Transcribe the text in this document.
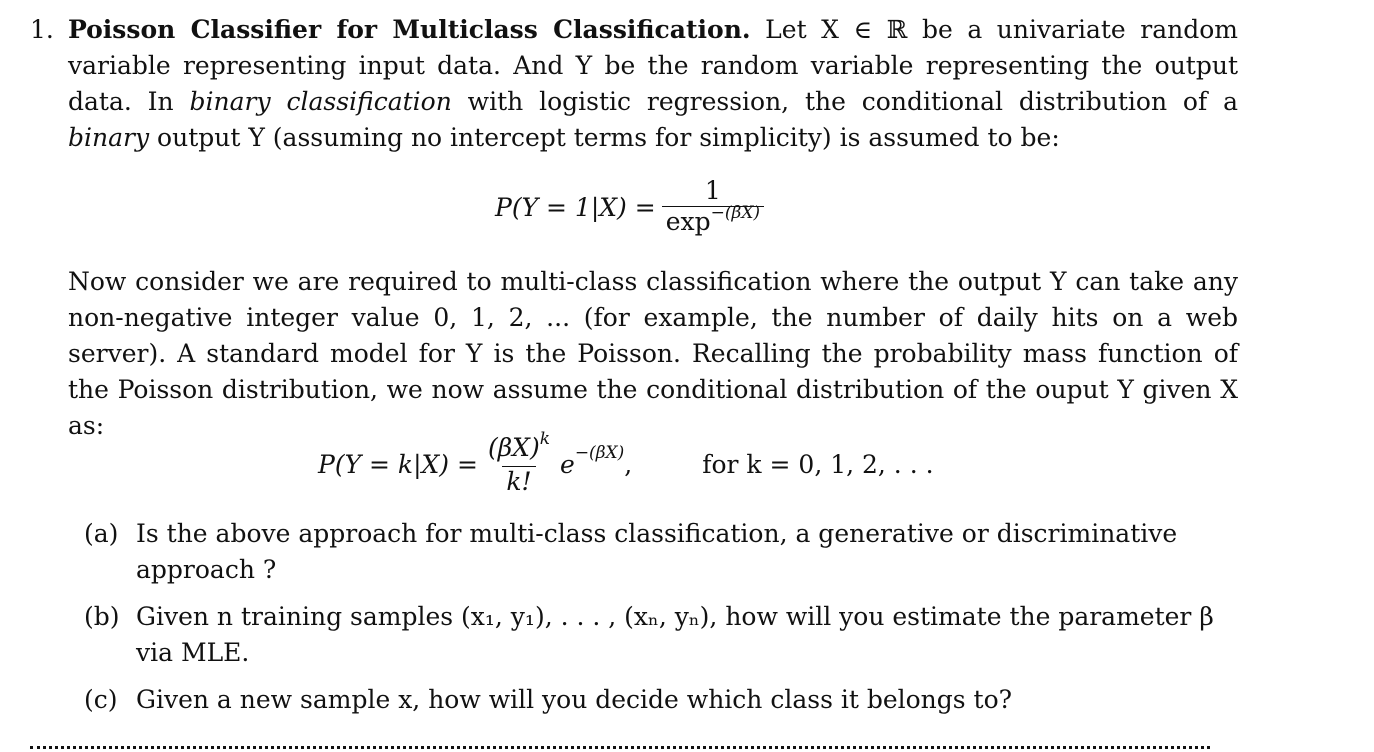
1. Poisson Classifier for Multiclass Classification. Let X ∈ ℝ be a univariate random variable representing input data. And Y be the random variable representing the output data. In binary classification with logistic regression, the conditional distribution of a binary output Y (assuming no intercept terms for simplicity) is assumed to be:
$P(Y = 1|X) = \frac{1}{\exp^{-(\beta X)}}$
Now consider we are required to multi-class classification where the output Y can take any non-negative integer value 0, 1, 2, ... (for example, the number of daily hits on a web server). A standard model for Y is the Poisson. Recalling the probability mass function of the Poisson distribution, we now assume the conditional distribution of the ouput Y given X as:
$P(Y = k|X) = \frac{(\beta X)^k}{k!}$ e −(βX) ,	for k = 0, 1, 2, . . .
(a) Is the above approach for multi-class classification, a generative or discriminative approach ?
(b) Given n training samples (x₁, y₁), . . . , (xₙ, yₙ), how will you estimate the parameter β via MLE.
(c) Given a new sample x, how will you decide which class it belongs to?
